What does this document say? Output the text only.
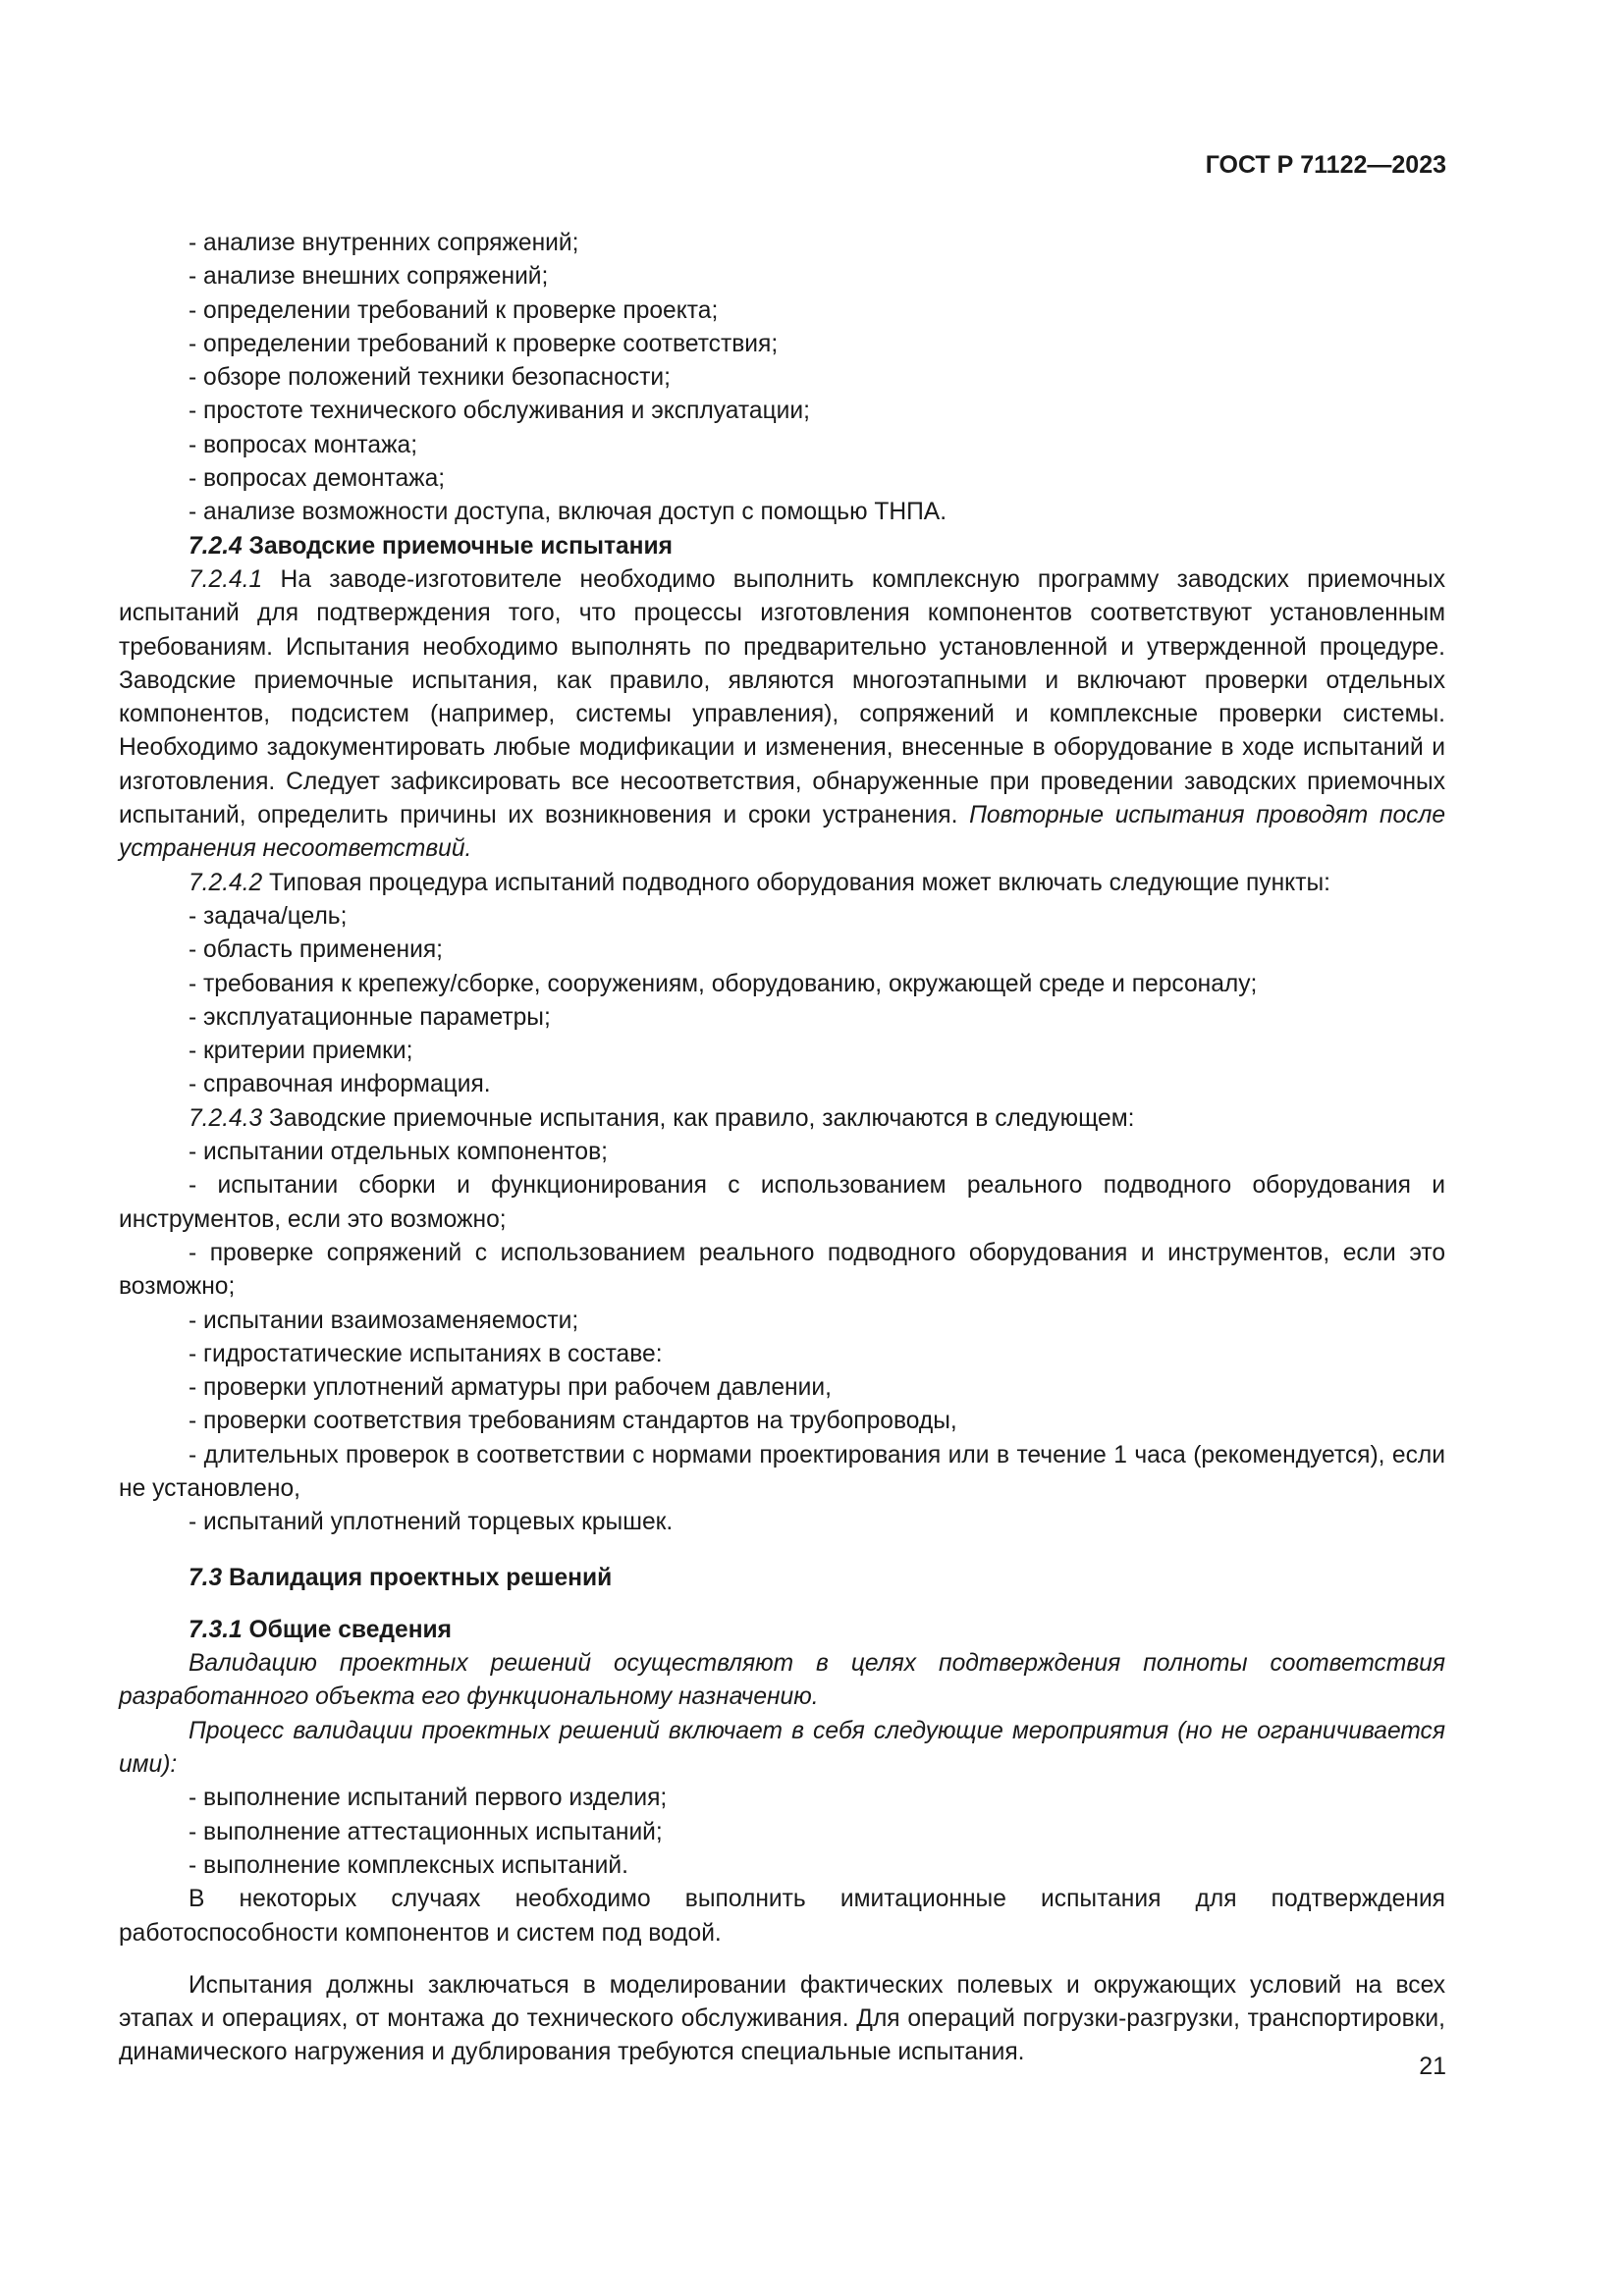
ГОСТ Р 71122—2023

- анализе внутренних сопряжений;

- анализе внешних сопряжений;

- определении требований к проверке проекта;

- определении требований к проверке соответствия;

- обзоре положений техники безопасности;

- простоте технического обслуживания и эксплуатации;

- вопросах монтажа;

- вопросах демонтажа;

- анализе возможности доступа, включая доступ с помощью ТНПА.

7.2.4 Заводские приемочные испытания

7.2.4.1 На заводе-изготовителе необходимо выполнить комплексную программу заводских приемочных испытаний для подтверждения того, что процессы изготовления компонентов соответствуют установленным требованиям. Испытания необходимо выполнять по предварительно установленной и утвержденной процедуре. Заводские приемочные испытания, как правило, являются многоэтапными и включают проверки отдельных компонентов, подсистем (например, системы управления), сопряжений и комплексные проверки системы. Необходимо задокументировать любые модификации и изменения, внесенные в оборудование в ходе испытаний и изготовления. Следует зафиксировать все несоответствия, обнаруженные при проведении заводских приемочных испытаний, определить причины их возникновения и сроки устранения. Повторные испытания проводят после устранения несоответствий.

7.2.4.2 Типовая процедура испытаний подводного оборудования может включать следующие пункты:

- задача/цель;

- область применения;

- требования к крепежу/сборке, сооружениям, оборудованию, окружающей среде и персоналу;

- эксплуатационные параметры;

- критерии приемки;

- справочная информация.

7.2.4.3 Заводские приемочные испытания, как правило, заключаются в следующем:

- испытании отдельных компонентов;

- испытании сборки и функционирования с использованием реального подводного оборудования и инструментов, если это возможно;

- проверке сопряжений с использованием реального подводного оборудования и инструментов, если это возможно;

- испытании взаимозаменяемости;

- гидростатические испытаниях в составе:

- проверки уплотнений арматуры при рабочем давлении,

- проверки соответствия требованиям стандартов на трубопроводы,

- длительных проверок в соответствии с нормами проектирования или в течение 1 часа (рекомендуется), если не установлено,

- испытаний уплотнений торцевых крышек.

7.3 Валидация проектных решений

7.3.1 Общие сведения

Валидацию проектных решений осуществляют в целях подтверждения полноты соответствия разработанного объекта его функциональному назначению.

Процесс валидации проектных решений включает в себя следующие мероприятия (но не ограничивается ими):

- выполнение испытаний первого изделия;

- выполнение аттестационных испытаний;

- выполнение комплексных испытаний.

В некоторых случаях необходимо выполнить имитационные испытания для подтверждения работоспособности компонентов и систем под водой.

Испытания должны заключаться в моделировании фактических полевых и окружающих условий на всех этапах и операциях, от монтажа до технического обслуживания. Для операций погрузки-разгрузки, транспортировки, динамического нагружения и дублирования требуются специальные испытания.

21
